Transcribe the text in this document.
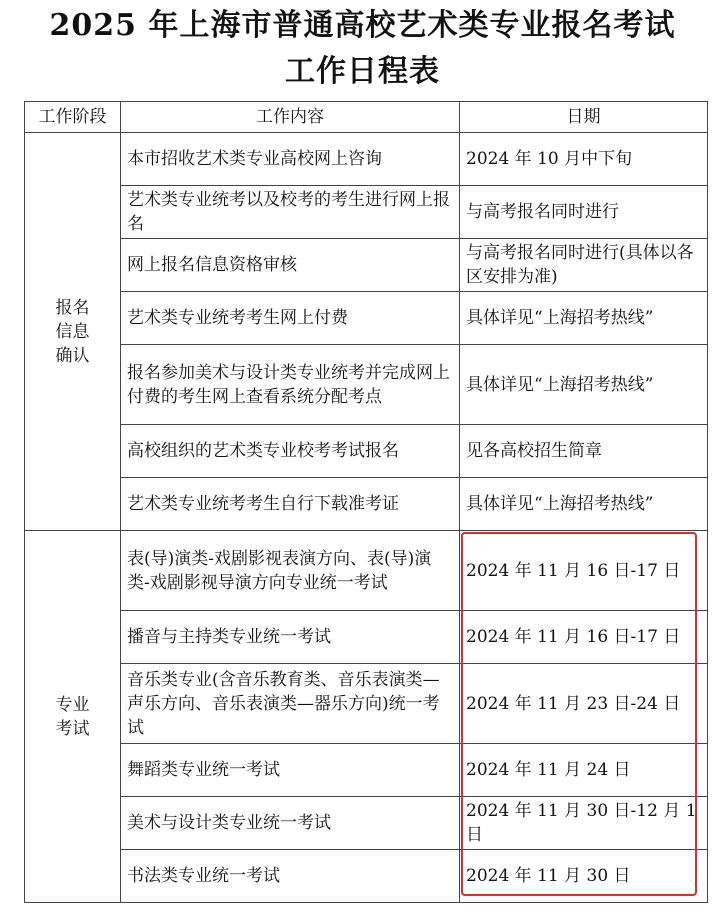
2025 年上海市普通高校艺术类专业报名考试
工作日程表
工作阶段	工作内容	日期
报名信息确认	本市招收艺术类专业高校网上咨询	2024 年 10 月中下旬
	艺术类专业统考以及校考的考生进行网上报名	与高考报名同时进行
	网上报名信息资格审核	与高考报名同时进行(具体以各区安排为准)
	艺术类专业统考考生网上付费	具体详见“上海招考热线”
	报名参加美术与设计类专业统考并完成网上付费的考生网上查看系统分配考点	具体详见“上海招考热线”
	高校组织的艺术类专业校考考试报名	见各高校招生简章
	艺术类专业统考考生自行下载准考证	具体详见“上海招考热线”
专业考试	表(导)演类-戏剧影视表演方向、表(导)演类-戏剧影视导演方向专业统一考试	2024 年 11 月 16 日-17 日
	播音与主持类专业统一考试	2024 年 11 月 16 日-17 日
	音乐类专业(含音乐教育类、音乐表演类—声乐方向、音乐表演类—器乐方向)统一考试	2024 年 11 月 23 日-24 日
	舞蹈类专业统一考试	2024 年 11 月 24 日
	美术与设计类专业统一考试	2024 年 11 月 30 日-12 月 1 日
	书法类专业统一考试	2024 年 11 月 30 日
